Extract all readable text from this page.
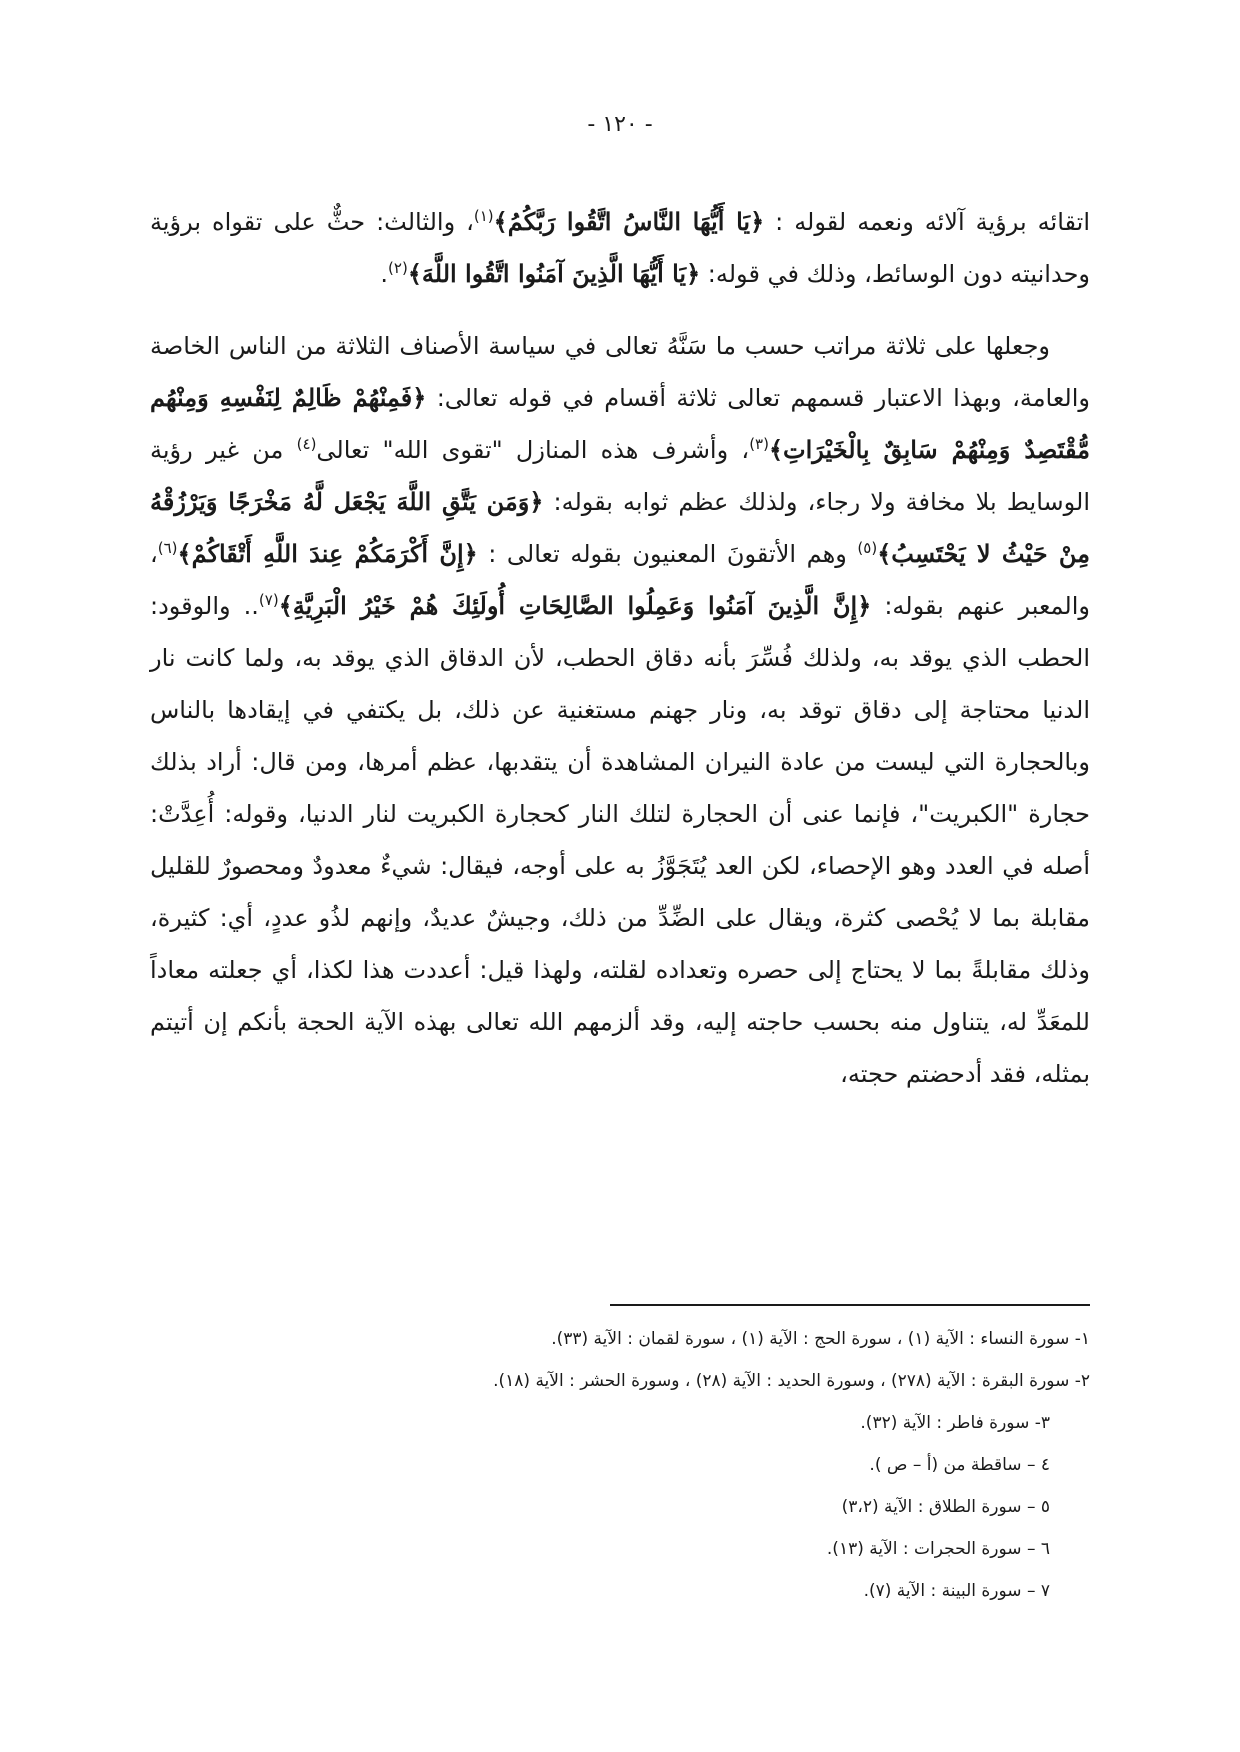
- ١٢٠ -

اتقائه برؤية آلائه ونعمه لقوله : ﴿يَا أَيُّهَا النَّاسُ اتَّقُوا رَبَّكُمُ﴾$^{(١)}$، والثالث: حثٌّ على تقواه برؤية وحدانيته دون الوسائط، وذلك في قوله: ﴿يَا أَيُّهَا الَّذِينَ آمَنُوا اتَّقُوا اللَّهَ﴾$^{(٢)}$.

وجعلها على ثلاثة مراتب حسب ما سَنَّهُ تعالى في سياسة الأصناف الثلاثة من الناس الخاصة والعامة، وبهذا الاعتبار قسمهم تعالى ثلاثة أقسام في قوله تعالى: ﴿فَمِنْهُمْ ظَالِمٌ لِنَفْسِهِ وَمِنْهُم مُّقْتَصِدٌ وَمِنْهُمْ سَابِقٌ بِالْخَيْرَاتِ﴾$^{(٣)}$، وأشرف هذه المنازل "تقوى الله" تعالى$^{(٤)}$ من غير رؤية الوسايط بلا مخافة ولا رجاء، ولذلك عظم ثوابه بقوله: ﴿وَمَن يَتَّقِ اللَّهَ يَجْعَل لَّهُ مَخْرَجًا وَيَرْزُقْهُ مِنْ حَيْثُ لا يَحْتَسِبُ﴾$^{(٥)}$ وهم الأتقونَ المعنيون بقوله تعالى : ﴿إِنَّ أَكْرَمَكُمْ عِندَ اللَّهِ أَتْقَاكُمْ﴾$^{(٦)}$، والمعبر عنهم بقوله: ﴿إِنَّ الَّذِينَ آمَنُوا وَعَمِلُوا الصَّالِحَاتِ أُولَئِكَ هُمْ خَيْرُ الْبَرِيَّةِ﴾$^{(٧)}$.. والوقود: الحطب الذي يوقد به، ولذلك فُسِّرَ بأنه دقاق الحطب، لأن الدقاق الذي يوقد به، ولما كانت نار الدنيا محتاجة إلى دقاق توقد به، ونار جهنم مستغنية عن ذلك، بل يكتفي في إيقادها بالناس وبالحجارة التي ليست من عادة النيران المشاهدة أن يتقدبها، عظم أمرها، ومن قال: أراد بذلك حجارة "الكبريت"، فإنما عنى أن الحجارة لتلك النار كحجارة الكبريت لنار الدنيا، وقوله: أُعِدَّتْ: أصله في العدد وهو الإحصاء، لكن العد يُتَجَوَّزُ به على أوجه، فيقال: شيءٌ معدودٌ ومحصورٌ للقليل مقابلة بما لا يُحْصى كثرة، ويقال على الضِّدِّ من ذلك، وجيشٌ عديدٌ، وإنهم لذُو عددٍ، أي: كثيرة، وذلك مقابلةً بما لا يحتاج إلى حصره وتعداده لقلته، ولهذا قيل: أعددت هذا لكذا، أي جعلته معاداً للمعَدِّ له، يتناول منه بحسب حاجته إليه، وقد ألزمهم الله تعالى بهذه الآية الحجة بأنكم إن أتيتم بمثله، فقد أدحضتم حجته،

١- سورة النساء : الآية (١) ، سورة الحج : الآية (١) ، سورة لقمان : الآية (٣٣).
٢- سورة البقرة : الآية (٢٧٨) ، وسورة الحديد : الآية (٢٨) ، وسورة الحشر : الآية (١٨).
٣- سورة فاطر : الآية (٣٢).
٤ – ساقطة من (أ – ص ).
٥ – سورة الطلاق : الآية (٣،٢)
٦ – سورة الحجرات : الآية (١٣).
٧ – سورة البينة : الآية (٧).
